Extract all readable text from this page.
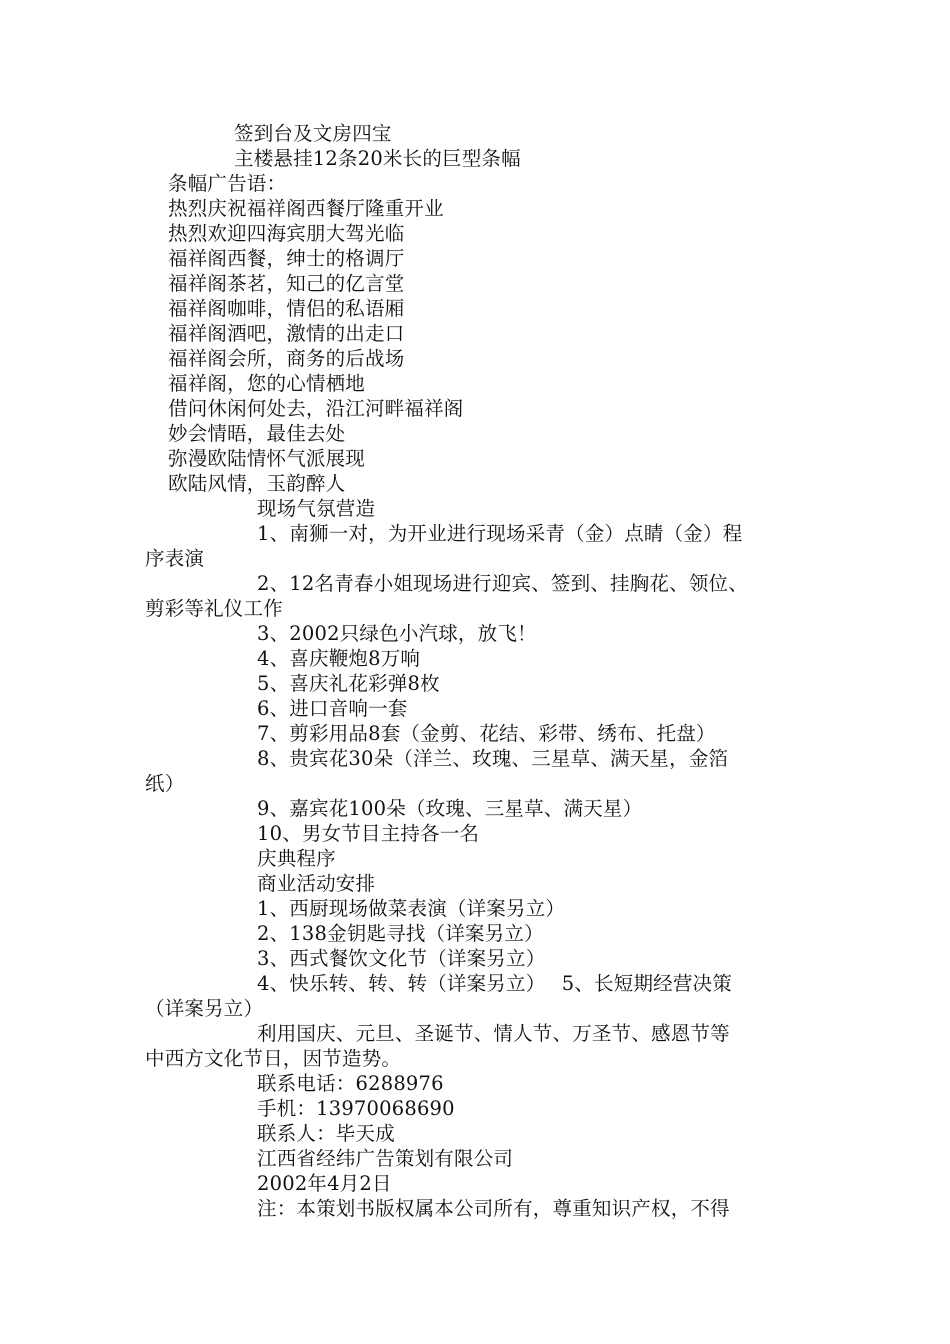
签到台及文房四宝
主楼悬挂12条20米长的巨型条幅
条幅广告语：
热烈庆祝福祥阁西餐厅隆重开业
热烈欢迎四海宾朋大驾光临
福祥阁西餐，绅士的格调厅
福祥阁茶茗，知己的亿言堂
福祥阁咖啡，情侣的私语厢
福祥阁酒吧，激情的出走口
福祥阁会所，商务的后战场
福祥阁，您的心情栖地
借问休闲何处去，沿江河畔福祥阁
妙会情晤，最佳去处
弥漫欧陆情怀气派展现
欧陆风情，玉韵醉人
现场气氛营造
1、南狮一对，为开业进行现场采青（金）点睛（金）程
序表演
2、12名青春小姐现场进行迎宾、签到、挂胸花、领位、
剪彩等礼仪工作
3、2002只绿色小汽球，放飞！
4、喜庆鞭炮8万响
5、喜庆礼花彩弹8枚
6、进口音响一套
7、剪彩用品8套（金剪、花结、彩带、绣布、托盘）
8、贵宾花30朵（洋兰、玫瑰、三星草、满天星，金箔
纸）
9、嘉宾花100朵（玫瑰、三星草、满天星）
10、男女节目主持各一名
庆典程序
商业活动安排
1、西厨现场做菜表演（详案另立）
2、138金钥匙寻找（详案另立）
3、西式餐饮文化节（详案另立）
4、快乐转、转、转（详案另立）　 5、长短期经营决策
（详案另立）
利用国庆、元旦、圣诞节、情人节、万圣节、感恩节等
中西方文化节日，因节造势。
联系电话：6288976
手机：13970068690
联系人：毕天成
江西省经纬广告策划有限公司
2002年4月2日
注：本策划书版权属本公司所有，尊重知识产权，不得
